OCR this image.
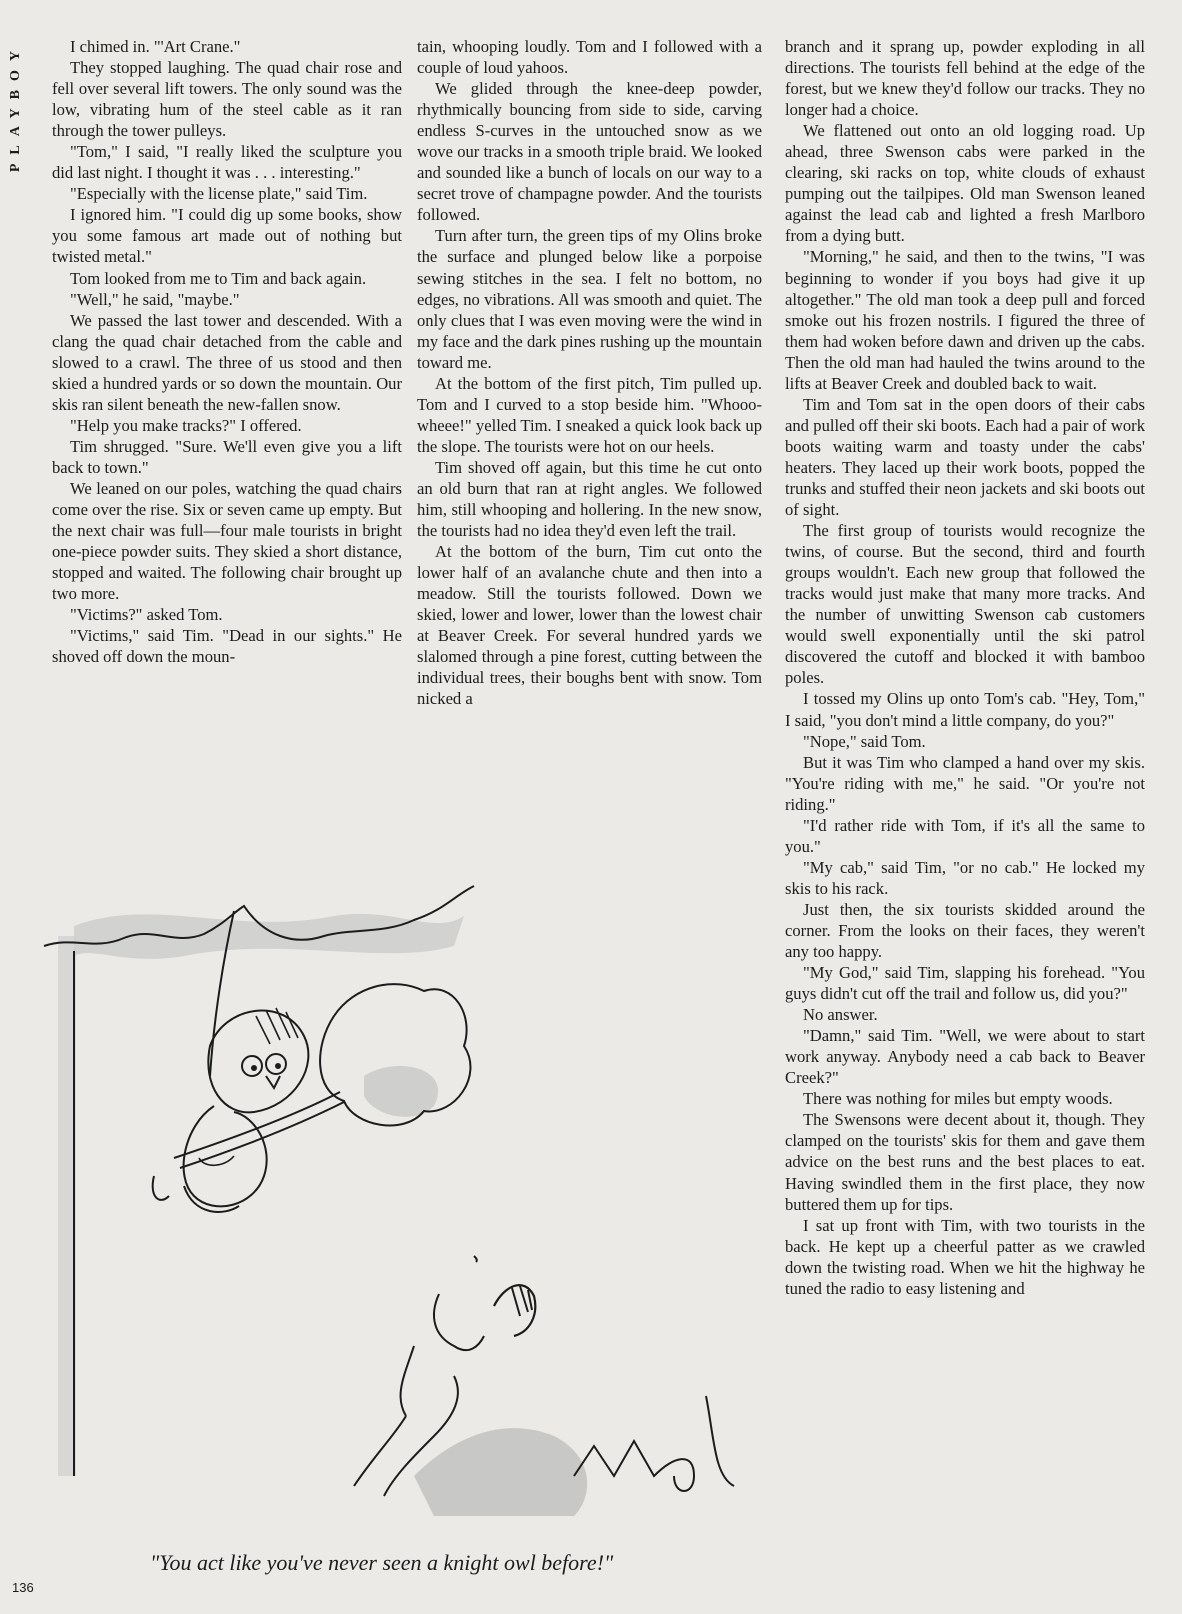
PLAYBOY	I chimed in. "'Art Crane."

They stopped laughing. The quad chair rose and fell over several lift towers. The only sound was the low, vibrating hum of the steel cable as it ran through the tower pulleys.

"Tom," I said, "I really liked the sculpture you did last night. I thought it was . . . interesting."

"Especially with the license plate," said Tim.

I ignored him. "I could dig up some books, show you some famous art made out of nothing but twisted metal."

Tom looked from me to Tim and back again.

"Well," he said, "maybe."

We passed the last tower and descended. With a clang the quad chair detached from the cable and slowed to a crawl. The three of us stood and then skied a hundred yards or so down the mountain. Our skis ran silent beneath the new-fallen snow.

"Help you make tracks?" I offered.

Tim shrugged. "Sure. We'll even give you a lift back to town."

We leaned on our poles, watching the quad chairs come over the rise. Six or seven came up empty. But the next chair was full—four male tourists in bright one-piece powder suits. They skied a short distance, stopped and waited. The following chair brought up two more.

"Victims?" asked Tom.

"Victims," said Tim. "Dead in our sights." He shoved off down the moun-

tain, whooping loudly. Tom and I followed with a couple of loud yahoos.

We glided through the knee-deep powder, rhythmically bouncing from side to side, carving endless S-curves in the untouched snow as we wove our tracks in a smooth triple braid. We looked and sounded like a bunch of locals on our way to a secret trove of champagne powder. And the tourists followed.

Turn after turn, the green tips of my Olins broke the surface and plunged below like a porpoise sewing stitches in the sea. I felt no bottom, no edges, no vibrations. All was smooth and quiet. The only clues that I was even moving were the wind in my face and the dark pines rushing up the mountain toward me.

At the bottom of the first pitch, Tim pulled up. Tom and I curved to a stop beside him. "Whooo-wheee!" yelled Tim. I sneaked a quick look back up the slope. The tourists were hot on our heels.

Tim shoved off again, but this time he cut onto an old burn that ran at right angles. We followed him, still whooping and hollering. In the new snow, the tourists had no idea they'd even left the trail.

At the bottom of the burn, Tim cut onto the lower half of an avalanche chute and then into a meadow. Still the tourists followed. Down we skied, lower and lower, lower than the lowest chair at Beaver Creek. For several hundred yards we slalomed through a pine forest, cutting between the individual trees, their boughs bent with snow. Tom nicked a

branch and it sprang up, powder exploding in all directions. The tourists fell behind at the edge of the forest, but we knew they'd follow our tracks. They no longer had a choice.

We flattened out onto an old logging road. Up ahead, three Swenson cabs were parked in the clearing, ski racks on top, white clouds of exhaust pumping out the tailpipes. Old man Swenson leaned against the lead cab and lighted a fresh Marlboro from a dying butt.

"Morning," he said, and then to the twins, "I was beginning to wonder if you boys had give it up altogether." The old man took a deep pull and forced smoke out his frozen nostrils. I figured the three of them had woken before dawn and driven up the cabs. Then the old man had hauled the twins around to the lifts at Beaver Creek and doubled back to wait.

Tim and Tom sat in the open doors of their cabs and pulled off their ski boots. Each had a pair of work boots waiting warm and toasty under the cabs' heaters. They laced up their work boots, popped the trunks and stuffed their neon jackets and ski boots out of sight.

The first group of tourists would recognize the twins, of course. But the second, third and fourth groups wouldn't. Each new group that followed the tracks would just make that many more tracks. And the number of unwitting Swenson cab customers would swell exponentially until the ski patrol discovered the cutoff and blocked it with bamboo poles.

I tossed my Olins up onto Tom's cab. "Hey, Tom," I said, "you don't mind a little company, do you?"

"Nope," said Tom.

But it was Tim who clamped a hand over my skis. "You're riding with me," he said. "Or you're not riding."

"I'd rather ride with Tom, if it's all the same to you."

"My cab," said Tim, "or no cab." He locked my skis to his rack.

Just then, the six tourists skidded around the corner. From the looks on their faces, they weren't any too happy.

"My God," said Tim, slapping his forehead. "You guys didn't cut off the trail and follow us, did you?"

No answer.

"Damn," said Tim. "Well, we were about to start work anyway. Anybody need a cab back to Beaver Creek?"

There was nothing for miles but empty woods.

The Swensons were decent about it, though. They clamped on the tourists' skis for them and gave them advice on the best runs and the best places to eat. Having swindled them in the first place, they now buttered them up for tips.

I sat up front with Tim, with two tourists in the back. He kept up a cheerful patter as we crawled down the twisting road. When we hit the highway he tuned the radio to easy listening and

"You act like you've never seen a knight owl before!"
136
